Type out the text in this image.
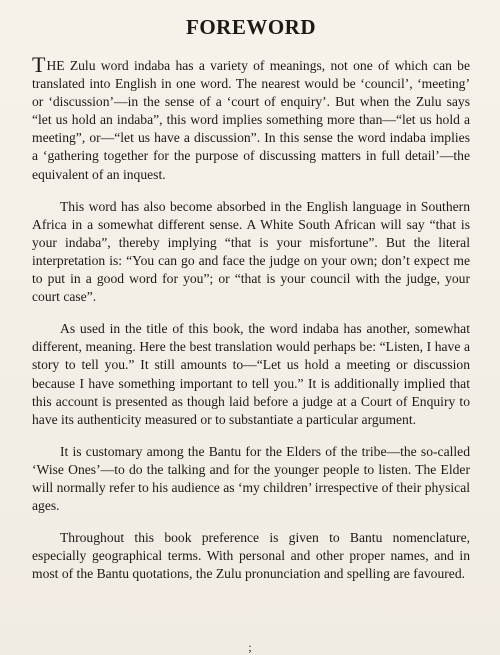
FOREWORD

THE Zulu word indaba has a variety of meanings, not one of which can be translated into English in one word. The nearest would be ‘council’, ‘meeting’ or ‘discussion’—in the sense of a ‘court of enquiry’. But when the Zulu says “let us hold an indaba”, this word implies something more than—“let us hold a meeting”, or—“let us have a discussion”. In this sense the word indaba implies a ‘gathering together for the purpose of discussing matters in full detail’—the equivalent of an inquest.

This word has also become absorbed in the English language in Southern Africa in a somewhat different sense. A White South African will say “that is your indaba”, thereby implying “that is your misfortune”. But the literal interpretation is: “You can go and face the judge on your own; don’t expect me to put in a good word for you”; or “that is your council with the judge, your court case”.

As used in the title of this book, the word indaba has another, somewhat different, meaning. Here the best translation would perhaps be: “Listen, I have a story to tell you.” It still amounts to—“Let us hold a meeting or discussion because I have something important to tell you.” It is additionally implied that this account is presented as though laid before a judge at a Court of Enquiry to have its authenticity measured or to substantiate a particular argument.

It is customary among the Bantu for the Elders of the tribe—the so-called ‘Wise Ones’—to do the talking and for the younger people to listen. The Elder will normally refer to his audience as ‘my children’ irrespective of their physical ages.

Throughout this book preference is given to Bantu nomenclature, especially geographical terms. With personal and other proper names, and in most of the Bantu quotations, the Zulu pronunciation and spelling are favoured.

;
